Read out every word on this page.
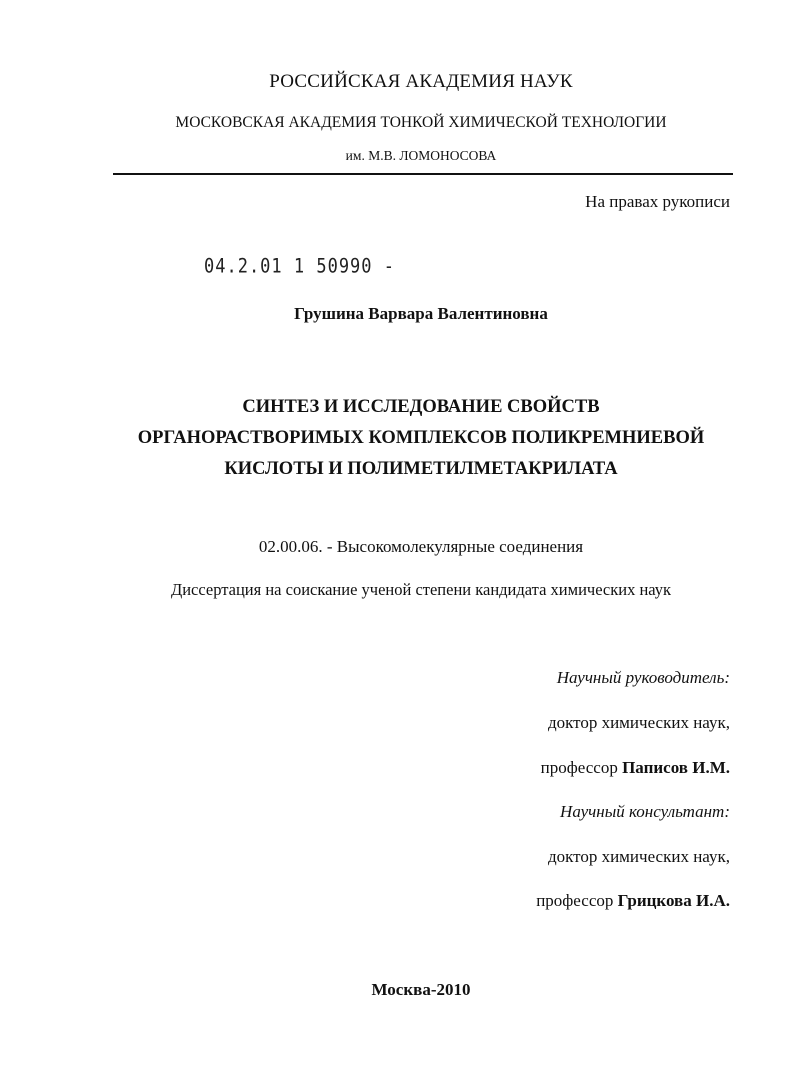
РОССИЙСКАЯ АКАДЕМИЯ НАУК
МОСКОВСКАЯ АКАДЕМИЯ ТОНКОЙ ХИМИЧЕСКОЙ ТЕХНОЛОГИИ
им. М.В. ЛОМОНОСОВА
На правах рукописи
04.2.01 1 50990 -
Грушина Варвара Валентиновна
СИНТЕЗ И ИССЛЕДОВАНИЕ СВОЙСТВ
ОРГАНОРАСТВОРИМЫХ КОМПЛЕКСОВ ПОЛИКРЕМНИЕВОЙ
КИСЛОТЫ И ПОЛИМЕТИЛМЕТАКРИЛАТА
02.00.06. - Высокомолекулярные соединения
Диссертация на соискание ученой степени кандидата химических наук
Научный руководитель:
доктор химических наук,
профессор Паписов И.М.
Научный консультант:
доктор химических наук,
профессор Грицкова И.А.
Москва-2010
